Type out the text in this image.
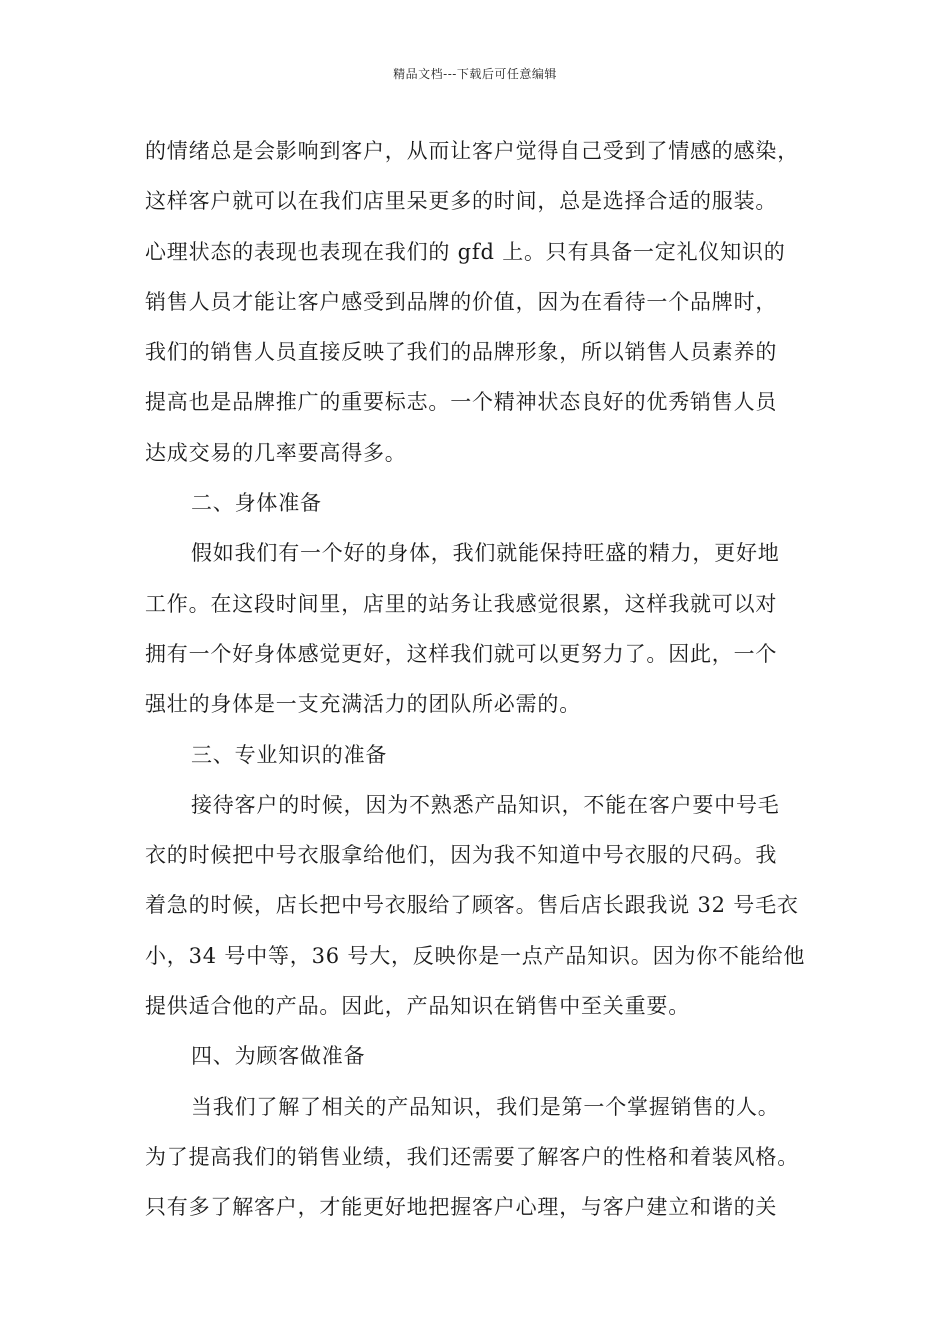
精品文档---下载后可任意编辑
的情绪总是会影响到客户，从而让客户觉得自己受到了情感的感染，
这样客户就可以在我们店里呆更多的时间，总是选择合适的服装。
心理状态的表现也表现在我们的 gfd 上。只有具备一定礼仪知识的
销售人员才能让客户感受到品牌的价值，因为在看待一个品牌时，
我们的销售人员直接反映了我们的品牌形象，所以销售人员素养的
提高也是品牌推广的重要标志。一个精神状态良好的优秀销售人员
达成交易的几率要高得多。
二、身体准备
假如我们有一个好的身体，我们就能保持旺盛的精力，更好地
工作。在这段时间里，店里的站务让我感觉很累，这样我就可以对
拥有一个好身体感觉更好，这样我们就可以更努力了。因此，一个
强壮的身体是一支充满活力的团队所必需的。
三、专业知识的准备
接待客户的时候，因为不熟悉产品知识，不能在客户要中号毛
衣的时候把中号衣服拿给他们，因为我不知道中号衣服的尺码。我
着急的时候，店长把中号衣服给了顾客。售后店长跟我说 32 号毛衣
小，34 号中等，36 号大，反映你是一点产品知识。因为你不能给他
提供适合他的产品。因此，产品知识在销售中至关重要。
四、为顾客做准备
当我们了解了相关的产品知识，我们是第一个掌握销售的人。
为了提高我们的销售业绩，我们还需要了解客户的性格和着装风格。
只有多了解客户，才能更好地把握客户心理，与客户建立和谐的关
